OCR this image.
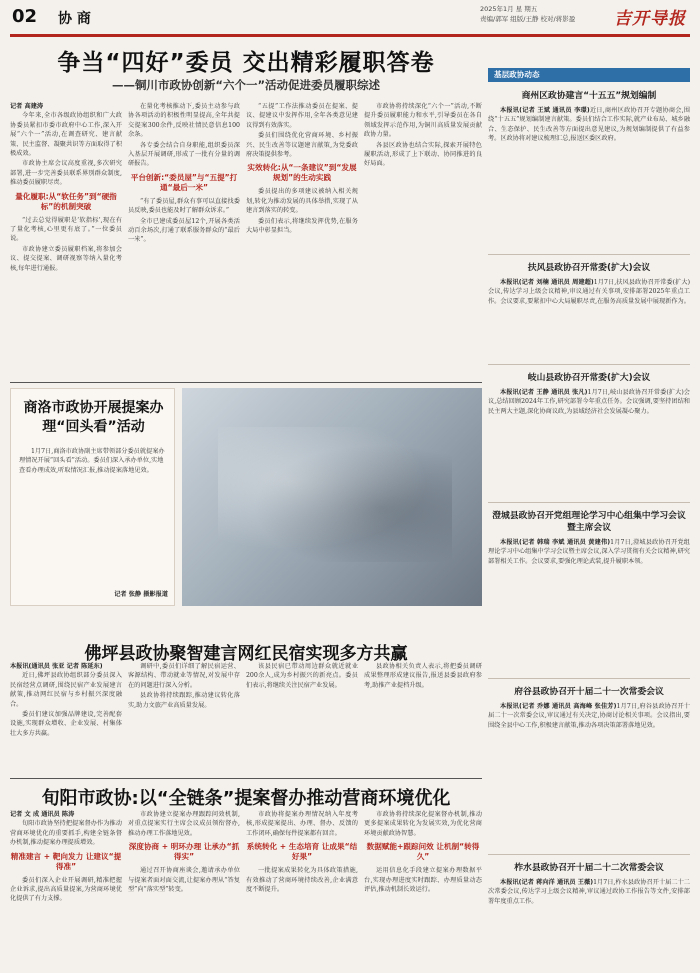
02 协 商
2025年1月 星 期五
责编/郭军 组版/王静 校对/蒋影盈 吉开导报
争当“四好”委员 交出精彩履职答卷
——铜川市政协创新“六个一”活动促进委员履职综述
记者 高建涛

今年来,全市各级政协组织和广大政协委员紧扣市委市政府中心工作,深入开展“六个一”活动,在调查研究、建言献策、民主监督、凝聚共识等方面取得了积极成效。

市政协主席会议高度重视,多次研究部署,进一步完善委员联系界别群众制度,推动委员履职尽责。

量化履职:从“软任务”到“硬指标”的机制突破

“过去总觉得履职是‘软指标’,现在有了量化考核,心里更有底了。”一位委员说。

市政协建立委员履职档案,将参加会议、提交提案、调研视察等纳入量化考核,每年进行通报。

在量化考核推动下,委员主动参与政协各项活动的积极性明显提高,全年共提交提案300余件,反映社情民意信息100余条。

各专委会结合自身职能,组织委员深入基层开展调研,形成了一批有分量的调研报告。

平台创新:“委员屋”与“五提”打通“最后一米”

“有了委员屋,群众有事可以直接找委员反映,委员也能及时了解群众诉求。”

全市已建成委员屋12个,开展各类活动百余场次,打通了联系服务群众的“最后一米”。

“五提”工作法推动委员在提案、提议、提建议中发挥作用,全年各类意见建议得到有效落实。

委员们围绕优化营商环境、乡村振兴、民生改善等议题建言献策,为党委政府决策提供参考。

实效转化:从“一条建议”到“发展规划”的生动实践

委员提出的多项建议被纳入相关规划,转化为推动发展的具体举措,实现了从建言到落实的转变。

委员们表示,将继续发挥优势,在服务大局中彰显担当。

市政协将持续深化“六个一”活动,不断提升委员履职能力和水平,引导委员在各自领域发挥示范作用,为铜川高质量发展贡献政协力量。

各县区政协也结合实际,探索开展特色履职活动,形成了上下联动、协同推进的良好局面。

商洛市政协开展提案办理“回头看”活动
1月7日,商洛市政协副主席带领部分委员就提案办理情况开展“回头看”活动。委员们深入承办单位,实地查看办理成效,听取情况汇报,推动提案落地见效。
记者 张静 摄影报道
佛坪县政协聚智建言网红民宿实现多方共赢
本报讯(通讯员 张亚 记者 陈延东)

近日,佛坪县政协组织部分委员深入民宿经营点调研,围绕民宿产业发展建言献策,推动网红民宿与乡村振兴深度融合。

委员们建议加强品牌建设,完善配套设施,实现群众增收、企业发展、村集体壮大多方共赢。

调研中,委员们详细了解民宿运营、客源结构、带动就业等情况,对发展中存在的问题进行深入分析。

县政协将持续跟踪,推动建议转化落实,助力文旅产业高质量发展。

该县民宿已带动周边群众就近就业200余人,成为乡村振兴的新亮点。委员们表示,将继续关注民宿产业发展。

县政协相关负责人表示,将把委员调研成果整理形成建议报告,报送县委县政府参考,助推产业提档升级。

旬阳市政协:以“全链条”提案督办推动营商环境优化
记者 文 成 通讯员 陈涛

旬阳市政协坚持把提案督办作为推动营商环境优化的重要抓手,构建全链条督办机制,推动提案办理提质增效。

精准建言 + 靶向发力 让建议“提得准”

委员们深入企业开展调研,精准把握企业诉求,提出高质量提案,为营商环境优化提供了有力支撑。

市政协建立提案办理跟踪问效机制,对重点提案实行主席会议成员领衔督办,推动办理工作落地见效。

深度协商 + 明环办理 让承办“抓得实”

通过召开协商座谈会,邀请承办单位与提案者面对面交流,让提案办理从“答复型”向“落实型”转变。

市政协将提案办理情况纳入年度考核,形成提案提出、办理、督办、反馈的工作闭环,确保每件提案都有回音。

系统转化 + 生态培育 让成果“结好果”

一批提案成果转化为具体政策措施,有效推动了营商环境持续改善,企业满意度不断提升。

市政协将持续深化提案督办机制,推动更多提案成果转化为发展实效,为优化营商环境贡献政协智慧。

数据赋能+跟踪问效 让机制“转得久”

运用信息化手段建立提案办理数据平台,实现办理进度实时跟踪、办理质量动态评估,推动机制长效运行。

基层政协动态
商州区政协建言“十五五”规划编制

本报讯(记者 王斌 通讯员 李璟)近日,商州区政协召开专题协商会,围绕“十五五”规划编制建言献策。委员们结合工作实际,就产业布局、城乡融合、生态保护、民生改善等方面提出意见建议,为规划编制提供了有益参考。区政协将对建议梳理汇总,报送区委区政府。

扶风县政协召开常委(扩大)会议

本报讯(记者 刘楠 通讯员 周建超)1月7日,扶风县政协召开常委(扩大)会议,传达学习上级会议精神,审议通过有关事项,安排部署2025年重点工作。会议要求,要紧扣中心大局履职尽责,在服务高质量发展中展现新作为。

岐山县政协召开常委(扩大)会议

本报讯(记者 王静 通讯员 张凡)1月7日,岐山县政协召开常委(扩大)会议,总结回顾2024年工作,研究部署今年重点任务。会议强调,要坚持团结和民主两大主题,深化协商议政,为县域经济社会发展凝心聚力。

澄城县政协召开党组理论学习中心组集中学习会议暨主席会议

本报讯(记者 韩瑞 李斌 通讯员 黄建伟)1月7日,澄城县政协召开党组理论学习中心组集中学习会议暨主席会议,深入学习贯彻有关会议精神,研究部署相关工作。会议要求,要强化理论武装,提升履职本领。

府谷县政协召开十届二十一次常委会议

本报讯(记者 乔娜 通讯员 高海峰 张佳芳)1月7日,府谷县政协召开十届二十一次常委会议,审议通过有关决定,协商讨论相关事项。会议指出,要围绕全县中心工作,积极建言献策,推动各项决策部署落地见效。

柞水县政协召开十届二十二次常委会议

本报讯(记者 蒋向洋 通讯员 王薇)1月7日,柞水县政协召开十届二十二次常委会议,传达学习上级会议精神,审议通过政协工作报告等文件,安排部署年度重点工作。
